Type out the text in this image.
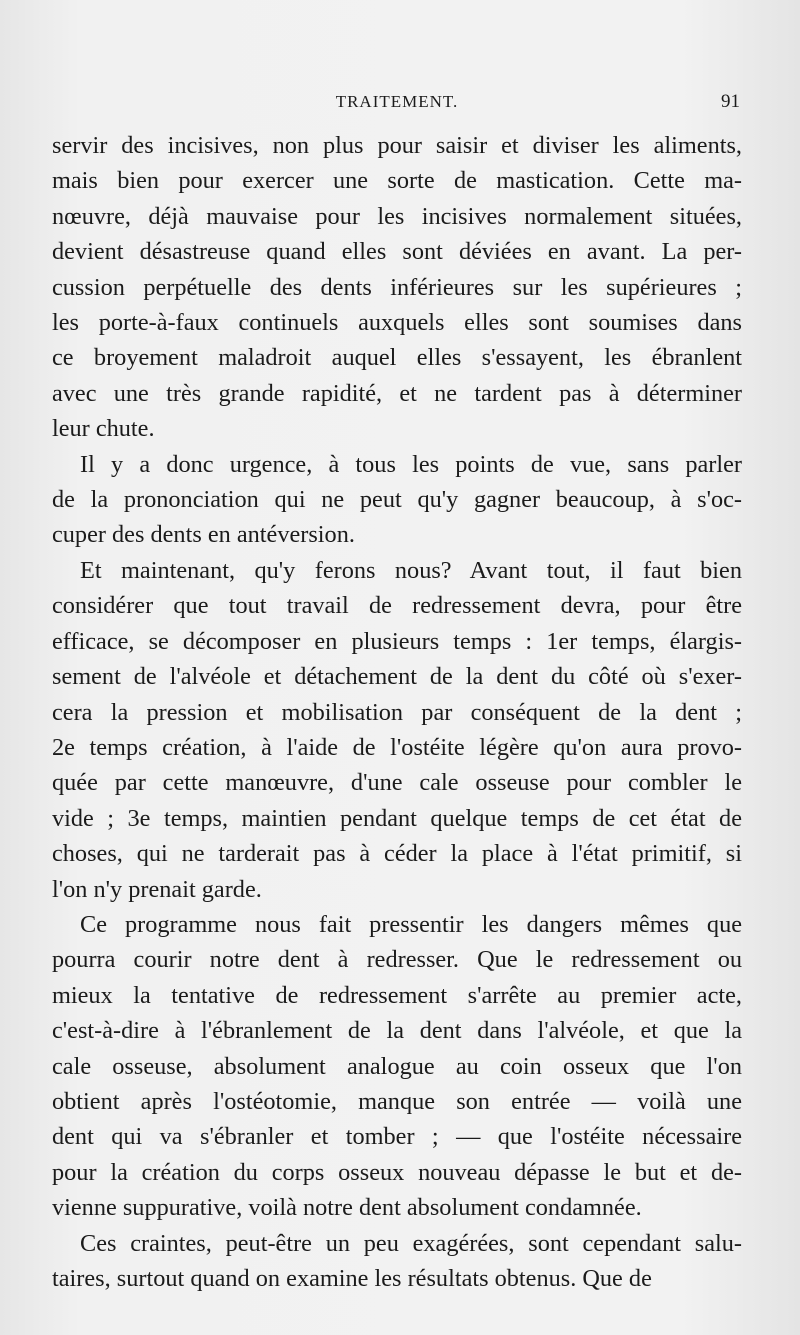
TRAITEMENT.	91
servir des incisives, non plus pour saisir et diviser les aliments,
mais bien pour exercer une sorte de mastication. Cette ma-
nœuvre, déjà mauvaise pour les incisives normalement situées,
devient désastreuse quand elles sont déviées en avant. La per-
cussion perpétuelle des dents inférieures sur les supérieures ;
les porte-à-faux continuels auxquels elles sont soumises dans
ce broyement maladroit auquel elles s'essayent, les ébranlent
avec une très grande rapidité, et ne tardent pas à déterminer
leur chute.
Il y a donc urgence, à tous les points de vue, sans parler
de la prononciation qui ne peut qu'y gagner beaucoup, à s'oc-
cuper des dents en antéversion.
Et maintenant, qu'y ferons nous? Avant tout, il faut bien
considérer que tout travail de redressement devra, pour être
efficace, se décomposer en plusieurs temps : 1er temps, élargis-
sement de l'alvéole et détachement de la dent du côté où s'exer-
cera la pression et mobilisation par conséquent de la dent ;
2e temps création, à l'aide de l'ostéite légère qu'on aura provo-
quée par cette manœuvre, d'une cale osseuse pour combler le
vide ; 3e temps, maintien pendant quelque temps de cet état de
choses, qui ne tarderait pas à céder la place à l'état primitif, si
l'on n'y prenait garde.
Ce programme nous fait pressentir les dangers mêmes que
pourra courir notre dent à redresser. Que le redressement ou
mieux la tentative de redressement s'arrête au premier acte,
c'est-à-dire à l'ébranlement de la dent dans l'alvéole, et que la
cale osseuse, absolument analogue au coin osseux que l'on
obtient après l'ostéotomie, manque son entrée — voilà une
dent qui va s'ébranler et tomber ; — que l'ostéite nécessaire
pour la création du corps osseux nouveau dépasse le but et de-
vienne suppurative, voilà notre dent absolument condamnée.
Ces craintes, peut-être un peu exagérées, sont cependant salu-
taires, surtout quand on examine les résultats obtenus. Que de
